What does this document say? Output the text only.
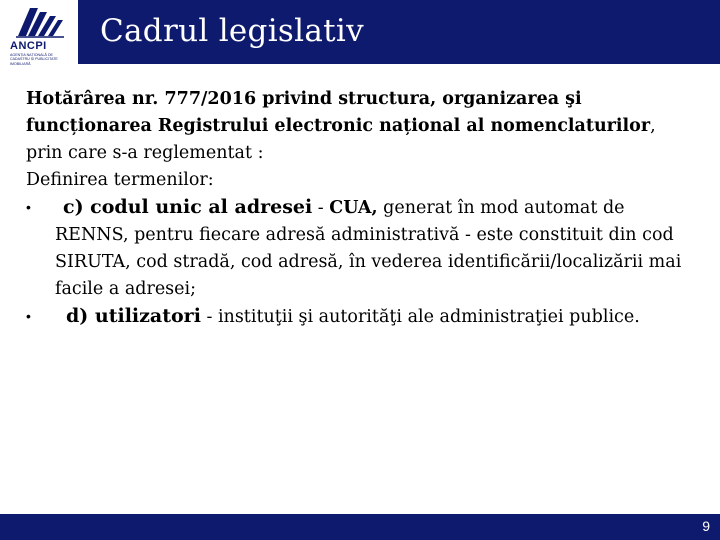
Cadrul legislativ
ANCPI
AGENȚIA NAȚIONALĂ DE CADASTRU ȘI PUBLICITATE IMOBILIARĂ

Hotărârea nr. 777/2016 privind structura, organizarea şi funcționarea Registrului electronic național al nomenclaturilor, prin care s-a reglementat :

Definirea termenilor:

•	c) codul unic al adresei - CUA, generat în mod automat de RENNS, pentru fiecare adresă administrativă - este constituit din cod SIRUTA, cod stradă, cod adresă, în vederea identificării/localizării mai facile a adresei;
•	d) utilizatori - instituţii şi autorităţi ale administraţiei publice.
9
